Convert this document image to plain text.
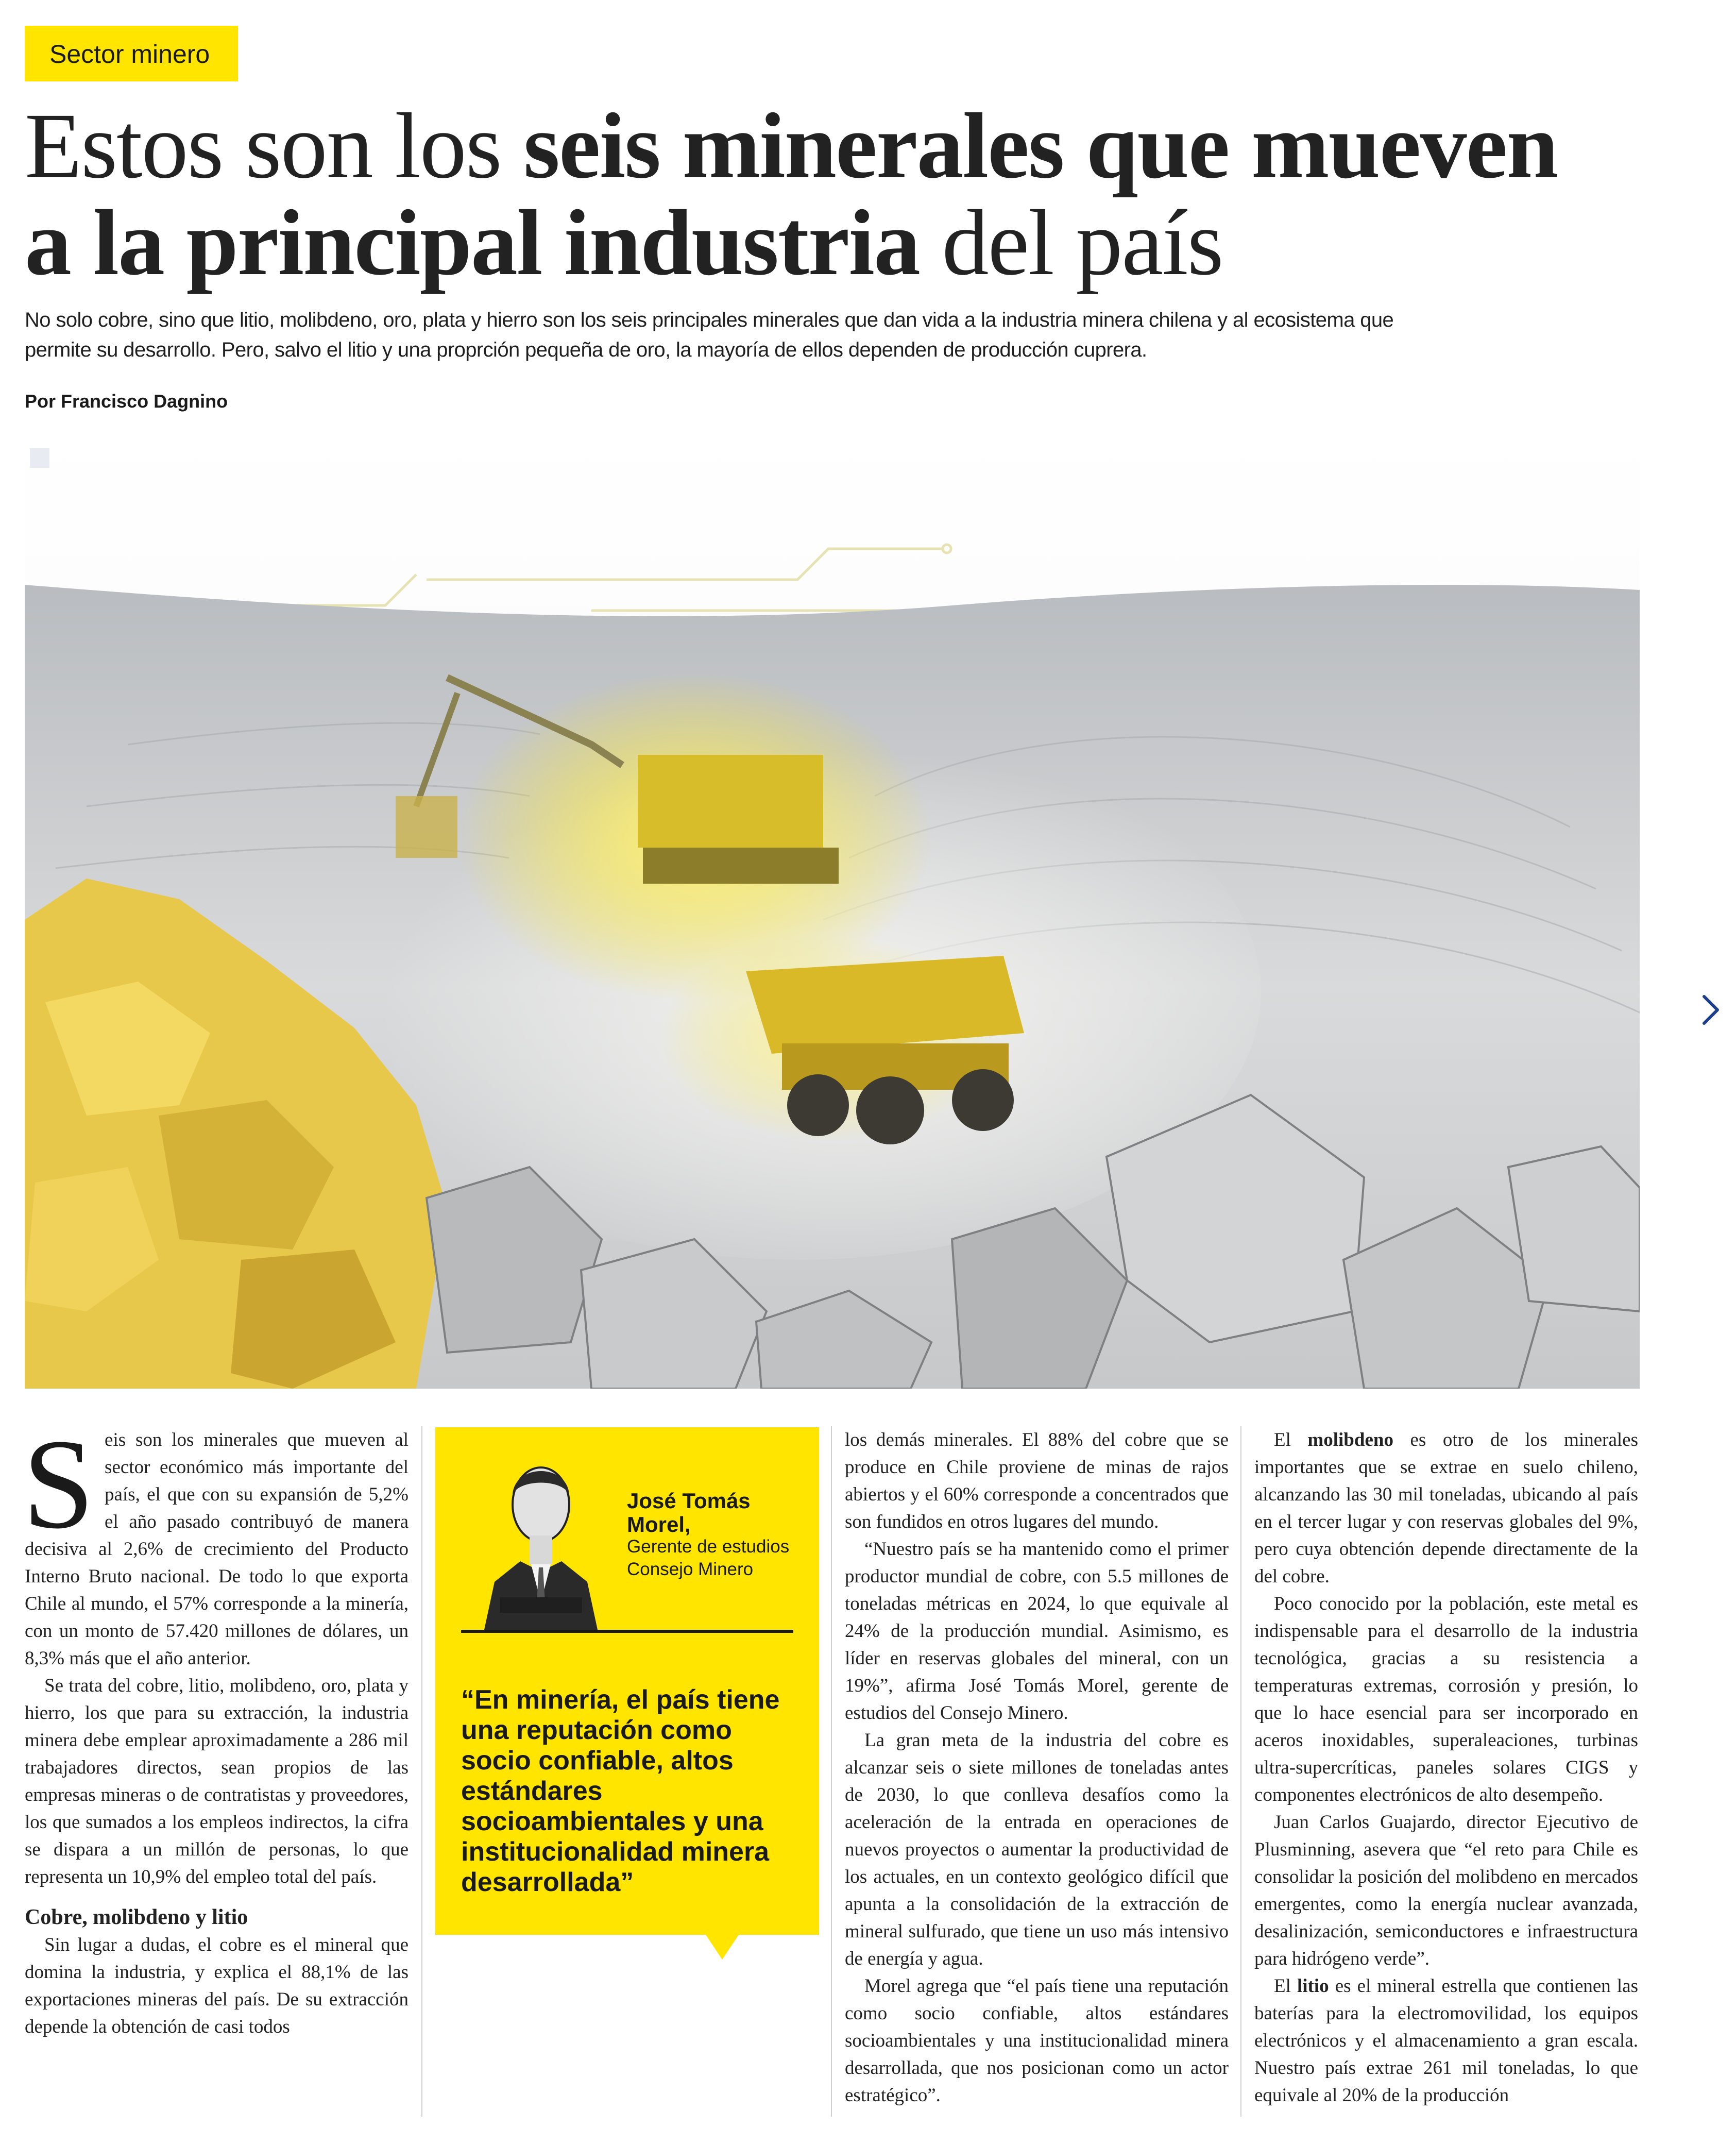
Sector minero
Estos son los seis minerales que mueven
a la principal industria del país
No solo cobre, sino que litio, molibdeno, oro, plata y hierro son los seis principales minerales que dan vida a la industria minera chilena y al ecosistema que permite su desarrollo. Pero, salvo el litio y una proprción pequeña de oro, la mayoría de ellos dependen de producción cuprera.
Por Francisco Dagnino

Seis son los minerales que mueven al sector económico más importante del país, el que con su expansión de 5,2% el año pasado contribuyó de manera decisiva al 2,6% de crecimiento del Producto Interno Bruto nacional. De todo lo que exporta Chile al mundo, el 57% corresponde a la minería, con un monto de 57.420 millones de dólares, un 8,3% más que el año anterior.

Se trata del cobre, litio, molibdeno, oro, plata y hierro, los que para su extracción, la industria minera debe emplear aproximadamente a 286 mil trabajadores directos, sean propios de las empresas mineras o de contratistas y proveedores, los que sumados a los empleos indirectos, la cifra se dispara a un millón de personas, lo que representa un 10,9% del empleo total del país.

Cobre, molibdeno y litio

Sin lugar a dudas, el cobre es el mineral que domina la industria, y explica el 88,1% de las exportaciones mineras del país. De su extracción depende la obtención de casi todos

José Tomás
Morel,
Gerente de estudios Consejo Minero
“En minería, el país tiene una reputación como socio confiable, altos estándares socioambientales y una institucionalidad minera desarrollada”

los demás minerales. El 88% del cobre que se produce en Chile proviene de minas de rajos abiertos y el 60% corresponde a concentrados que son fundidos en otros lugares del mundo.

“Nuestro país se ha mantenido como el primer productor mundial de cobre, con 5.5 millones de toneladas métricas en 2024, lo que equivale al 24% de la producción mundial. Asimismo, es líder en reservas globales del mineral, con un 19%”, afirma José Tomás Morel, gerente de estudios del Consejo Minero.

La gran meta de la industria del cobre es alcanzar seis o siete millones de toneladas antes de 2030, lo que conlleva desafíos como la aceleración de la entrada en operaciones de nuevos proyectos o aumentar la productividad de los actuales, en un contexto geológico difícil que apunta a la consolidación de la extracción de mineral sulfurado, que tiene un uso más intensivo de energía y agua.

Morel agrega que “el país tiene una reputación como socio confiable, altos estándares socioambientales y una institucionalidad minera desarrollada, que nos posicionan como un actor estratégico”.

El molibdeno es otro de los minerales importantes que se extrae en suelo chileno, alcanzando las 30 mil toneladas, ubicando al país en el tercer lugar y con reservas globales del 9%, pero cuya obtención depende directamente de la del cobre.

Poco conocido por la población, este metal es indispensable para el desarrollo de la industria tecnológica, gracias a su resistencia a temperaturas extremas, corrosión y presión, lo que lo hace esencial para ser incorporado en aceros inoxidables, superaleaciones, turbinas ultra-supercríticas, paneles solares CIGS y componentes electrónicos de alto desempeño.

Juan Carlos Guajardo, director Ejecutivo de Plusminning, asevera que “el reto para Chile es consolidar la posición del molibdeno en mercados emergentes, como la energía nuclear avanzada, desalinización, semiconductores e infraestructura para hidrógeno verde”.

El litio es el mineral estrella que contienen las baterías para la electromovilidad, los equipos electrónicos y el almacenamiento a gran escala. Nuestro país extrae 261 mil toneladas, lo que equivale al 20% de la producción
